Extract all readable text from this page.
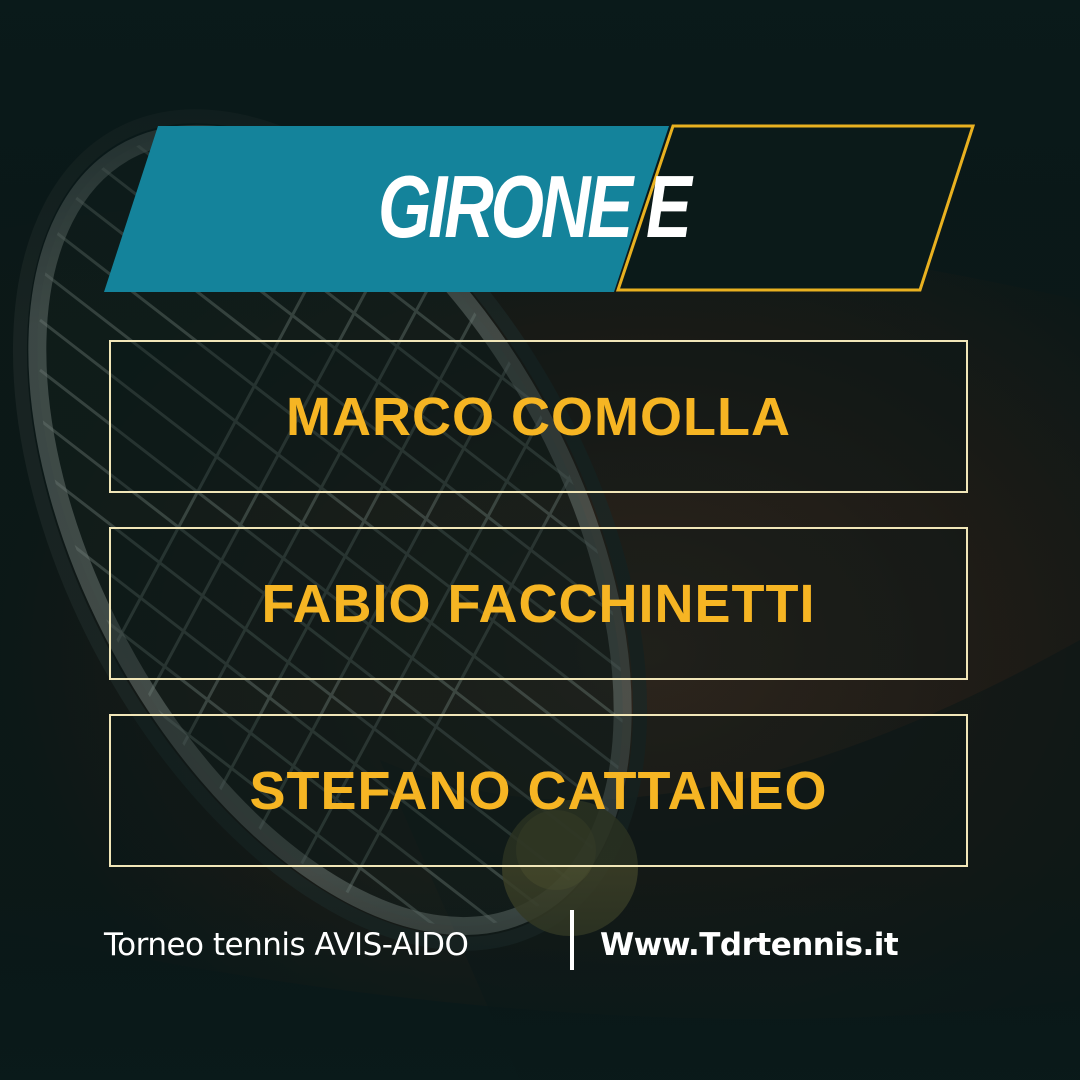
GIRONE E
MARCO COMOLLA
FABIO FACCHINETTI
STEFANO CATTANEO
Torneo tennis AVIS-AIDO	Www.Tdrtennis.it
